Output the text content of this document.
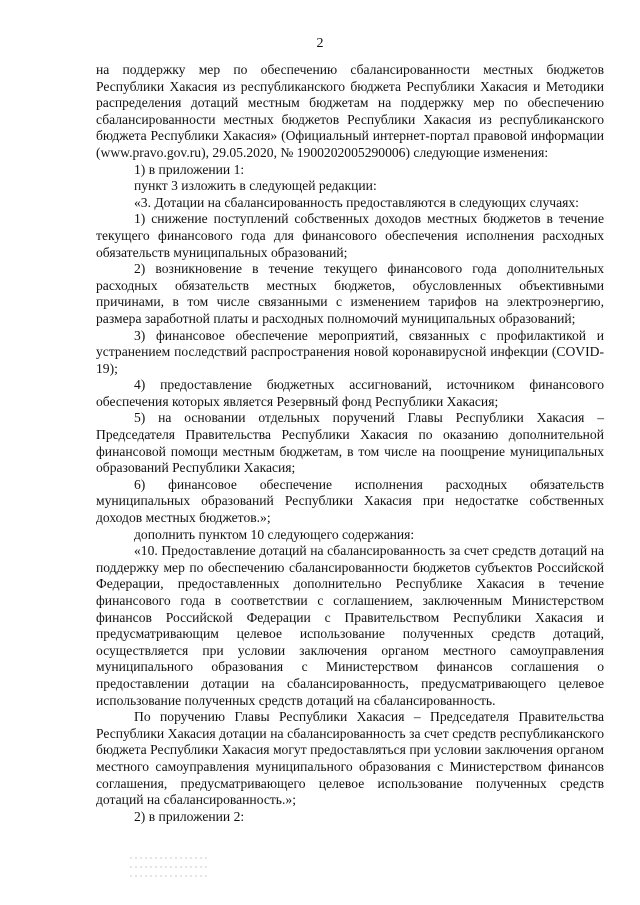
2

на поддержку мер по обеспечению сбалансированности местных бюджетов Республики Хакасия из республиканского бюджета Республики Хакасия и Методики распределения дотаций местным бюджетам на поддержку мер по обеспечению сбалансированности местных бюджетов Республики Хакасия из республиканского бюджета Республики Хакасия» (Официальный интернет-портал правовой информации (www.pravo.gov.ru), 29.05.2020, № 1900202005290006) следующие изменения:

1) в приложении 1:

пункт 3 изложить в следующей редакции:

«3. Дотации на сбалансированность предоставляются в следующих случаях:

1) снижение поступлений собственных доходов местных бюджетов в течение текущего финансового года для финансового обеспечения исполнения расходных обязательств муниципальных образований;

2) возникновение в течение текущего финансового года дополнительных расходных обязательств местных бюджетов, обусловленных объективными причинами, в том числе связанными с изменением тарифов на электроэнергию, размера заработной платы и расходных полномочий муниципальных образований;

3) финансовое обеспечение мероприятий, связанных с профилактикой и устранением последствий распространения новой коронавирусной инфекции (COVID-19);

4) предоставление бюджетных ассигнований, источником финансового обеспечения которых является Резервный фонд Республики Хакасия;

5) на основании отдельных поручений Главы Республики Хакасия – Председателя Правительства Республики Хакасия по оказанию дополнительной финансовой помощи местным бюджетам, в том числе на поощрение муниципальных образований Республики Хакасия;

6) финансовое обеспечение исполнения расходных обязательств муниципальных образований Республики Хакасия при недостатке собственных доходов местных бюджетов.»;

дополнить пунктом 10 следующего содержания:

«10. Предоставление дотаций на сбалансированность за счет средств дотаций на поддержку мер по обеспечению сбалансированности бюджетов субъектов Российской Федерации, предоставленных дополнительно Республике Хакасия в течение финансового года в соответствии с соглашением, заключенным Министерством финансов Российской Федерации с Правительством Республики Хакасия и предусматривающим целевое использование полученных средств дотаций, осуществляется при условии заключения органом местного самоуправления муниципального образования с Министерством финансов соглашения о предоставлении дотации на сбалансированность, предусматривающего целевое использование полученных средств дотаций на сбалансированность.

По поручению Главы Республики Хакасия – Председателя Правительства Республики Хакасия дотации на сбалансированность за счет средств республиканского бюджета Республики Хакасия могут предоставляться при условии заключения органом местного самоуправления муниципального образования с Министерством финансов соглашения, предусматривающего целевое использование полученных средств дотаций на сбалансированность.»;

2) в приложении 2:
